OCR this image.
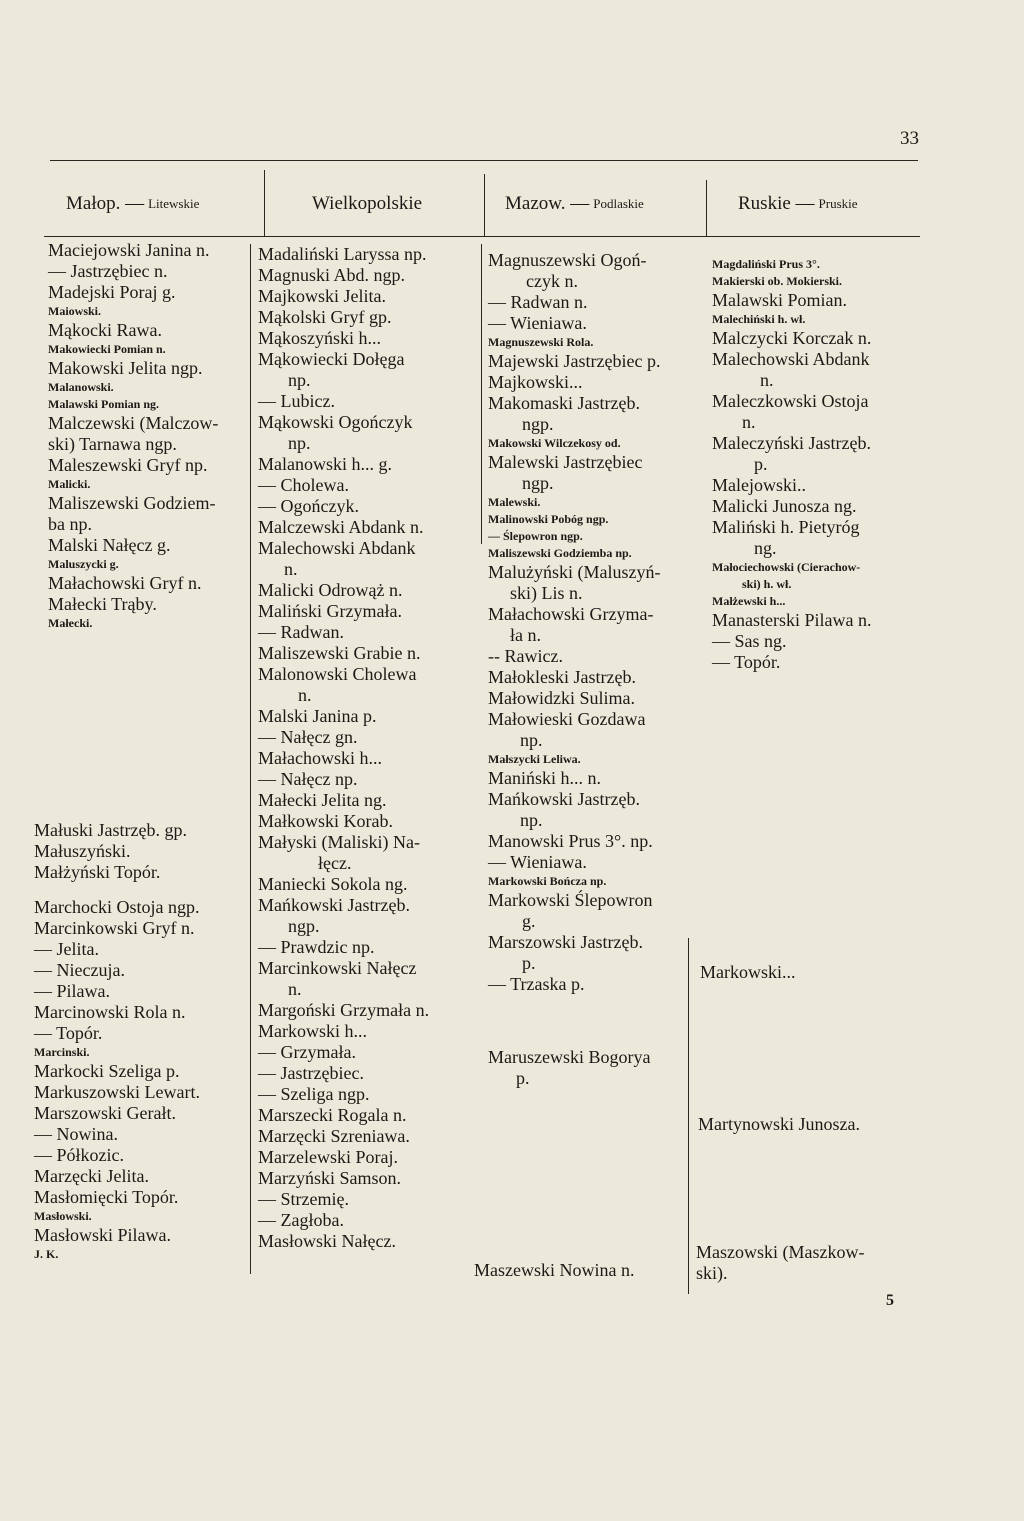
33
Małop. — Litewskie	Wielkopolskie	Mazow. — Podlaskie	Ruskie — Pruskie
Maciejowski Janina n.
— Jastrzębiec n.
Madejski Poraj g.
Maiowski.
Mąkocki Rawa.
Makowiecki Pomian n.
Makowski Jelita ngp.
Malanowski.
Malawski Pomian ng.
Malczewski (Malczow-
ski) Tarnawa ngp.
Maleszewski Gryf np.
Malicki.
Maliszewski Godziem-
ba np.
Malski Nałęcz g.
Maluszycki g.
Małachowski Gryf n.
Małecki Trąby.
Małecki.
Małuski Jastrzęb. gp.
Małuszyński.
Małżyński Topór.
Marchocki Ostoja ngp.
Marcinkowski Gryf n.
— Jelita.
— Nieczuja.
— Pilawa.
Marcinowski Rola n.
— Topór.
Marcinski.
Markocki Szeliga p.
Markuszowski Lewart.
Marszowski Gerałt.
— Nowina.
— Półkozic.
Marzęcki Jelita.
Masłomięcki Topór.
Masłowski.
Masłowski Pilawa.
J. K.
Madaliński Laryssa np.
Magnuski Abd. ngp.
Majkowski Jelita.
Mąkolski Gryf gp.
Mąkoszyński h...
Mąkowiecki Dołęga
np.
— Lubicz.
Mąkowski Ogończyk
np.
Malanowski h... g.
— Cholewa.
— Ogończyk.
Malczewski Abdank n.
Malechowski Abdank
n.
Malicki Odrowąż n.
Maliński Grzymała.
— Radwan.
Maliszewski Grabie n.
Malonowski Cholewa
n.
Malski Janina p.
— Nałęcz gn.
Małachowski h...
— Nałęcz np.
Małecki Jelita ng.
Małkowski Korab.
Małyski (Maliski) Na-
łęcz.
Maniecki Sokola ng.
Mańkowski Jastrzęb.
ngp.
— Prawdzic np.
Marcinkowski Nałęcz
n.
Margoński Grzymała n.
Markowski h...
— Grzymała.
— Jastrzębiec.
— Szeliga ngp.
Marszecki Rogala n.
Marzęcki Szreniawa.
Marzelewski Poraj.
Marzyński Samson.
— Strzemię.
— Zagłoba.
Masłowski Nałęcz.
Magnuszewski Ogoń-
czyk n.
— Radwan n.
— Wieniawa.
Magnuszewski Rola.
Majewski Jastrzębiec p.
Majkowski...
Makomaski Jastrzęb.
ngp.
Makowski Wilczekosy od.
Malewski Jastrzębiec
ngp.
Malewski.
Malinowski Pobóg ngp.
— Ślepowron ngp.
Maliszewski Godziemba np.
Malużyński (Maluszyń-
ski) Lis n.
Małachowski Grzyma-
ła n.
-- Rawicz.
Małokleski Jastrzęb.
Małowidzki Sulima.
Małowieski Gozdawa
np.
Małszycki Leliwa.
Maniński h... n.
Mańkowski Jastrzęb.
np.
Manowski Prus 3°. np.
— Wieniawa.
Markowski Bończa np.
Markowski Ślepowron
g.
Marszowski Jastrzęb.
p.
— Trzaska p.
Maruszewski Bogorya
p.
Maszewski Nowina n.
Magdaliński Prus 3°.
Makierski ob. Mokierski.
Malawski Pomian.
Malechiński h. wł.
Malczycki Korczak n.
Malechowski Abdank
n.
Maleczkowski Ostoja
n.
Maleczyński Jastrzęb.
p.
Malejowski..
Malicki Junosza ng.
Maliński h. Pietyróg
ng.
Małociechowski (Cierachow-
ski) h. wł.
Małżewski h...
Manasterski Pilawa n.
— Sas ng.
— Topór.
Markowski...
Martynowski Junosza.
Maszowski (Maszkow-
ski).
5
